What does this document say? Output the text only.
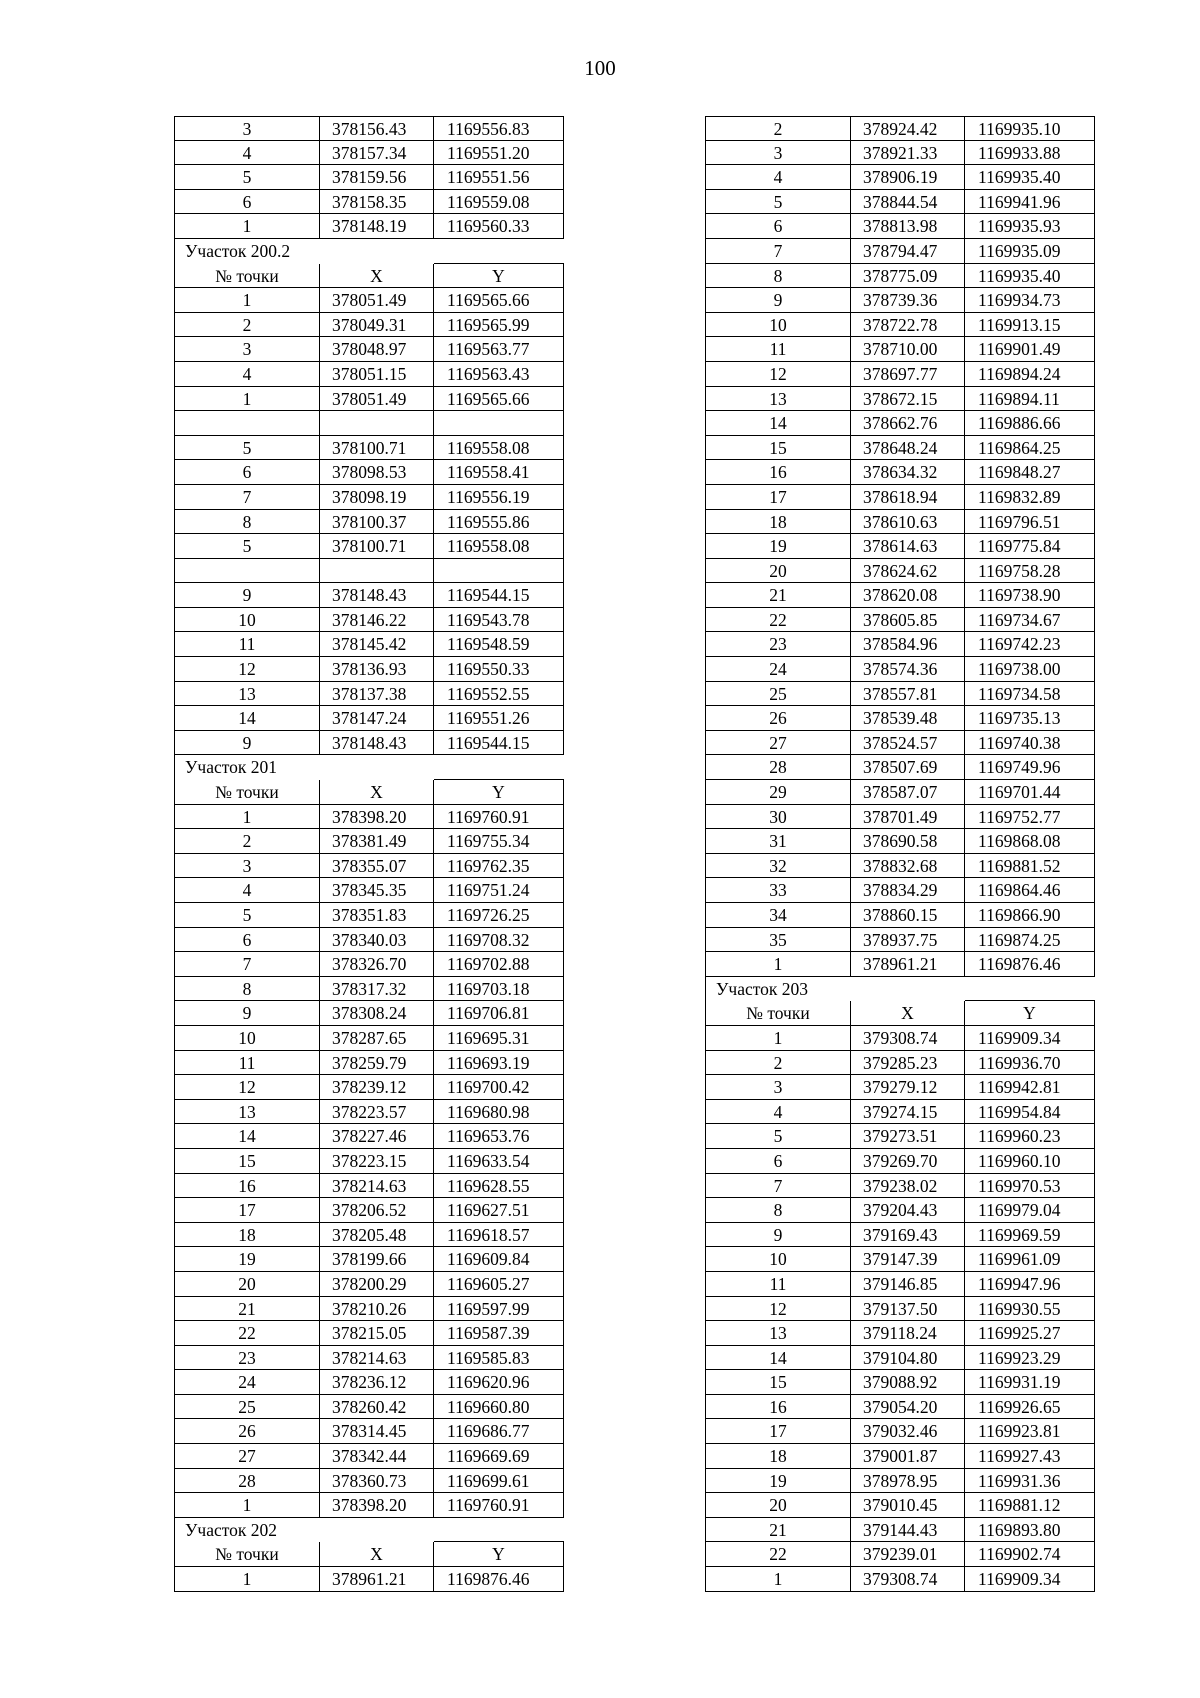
100
3	378156.43	1169556.83
4	378157.34	1169551.20
5	378159.56	1169551.56
6	378158.35	1169559.08
1	378148.19	1169560.33
Участок 200.2
№ точки	X	Y
1	378051.49	1169565.66
2	378049.31	1169565.99
3	378048.97	1169563.77
4	378051.15	1169563.43
1	378051.49	1169565.66
5	378100.71	1169558.08
6	378098.53	1169558.41
7	378098.19	1169556.19
8	378100.37	1169555.86
5	378100.71	1169558.08
9	378148.43	1169544.15
10	378146.22	1169543.78
11	378145.42	1169548.59
12	378136.93	1169550.33
13	378137.38	1169552.55
14	378147.24	1169551.26
9	378148.43	1169544.15
Участок 201
№ точки	X	Y
1	378398.20	1169760.91
2	378381.49	1169755.34
3	378355.07	1169762.35
4	378345.35	1169751.24
5	378351.83	1169726.25
6	378340.03	1169708.32
7	378326.70	1169702.88
8	378317.32	1169703.18
9	378308.24	1169706.81
10	378287.65	1169695.31
11	378259.79	1169693.19
12	378239.12	1169700.42
13	378223.57	1169680.98
14	378227.46	1169653.76
15	378223.15	1169633.54
16	378214.63	1169628.55
17	378206.52	1169627.51
18	378205.48	1169618.57
19	378199.66	1169609.84
20	378200.29	1169605.27
21	378210.26	1169597.99
22	378215.05	1169587.39
23	378214.63	1169585.83
24	378236.12	1169620.96
25	378260.42	1169660.80
26	378314.45	1169686.77
27	378342.44	1169669.69
28	378360.73	1169699.61
1	378398.20	1169760.91
Участок 202
№ точки	X	Y
1	378961.21	1169876.46
2	378924.42	1169935.10
3	378921.33	1169933.88
4	378906.19	1169935.40
5	378844.54	1169941.96
6	378813.98	1169935.93
7	378794.47	1169935.09
8	378775.09	1169935.40
9	378739.36	1169934.73
10	378722.78	1169913.15
11	378710.00	1169901.49
12	378697.77	1169894.24
13	378672.15	1169894.11
14	378662.76	1169886.66
15	378648.24	1169864.25
16	378634.32	1169848.27
17	378618.94	1169832.89
18	378610.63	1169796.51
19	378614.63	1169775.84
20	378624.62	1169758.28
21	378620.08	1169738.90
22	378605.85	1169734.67
23	378584.96	1169742.23
24	378574.36	1169738.00
25	378557.81	1169734.58
26	378539.48	1169735.13
27	378524.57	1169740.38
28	378507.69	1169749.96
29	378587.07	1169701.44
30	378701.49	1169752.77
31	378690.58	1169868.08
32	378832.68	1169881.52
33	378834.29	1169864.46
34	378860.15	1169866.90
35	378937.75	1169874.25
1	378961.21	1169876.46
Участок 203
№ точки	X	Y
1	379308.74	1169909.34
2	379285.23	1169936.70
3	379279.12	1169942.81
4	379274.15	1169954.84
5	379273.51	1169960.23
6	379269.70	1169960.10
7	379238.02	1169970.53
8	379204.43	1169979.04
9	379169.43	1169969.59
10	379147.39	1169961.09
11	379146.85	1169947.96
12	379137.50	1169930.55
13	379118.24	1169925.27
14	379104.80	1169923.29
15	379088.92	1169931.19
16	379054.20	1169926.65
17	379032.46	1169923.81
18	379001.87	1169927.43
19	378978.95	1169931.36
20	379010.45	1169881.12
21	379144.43	1169893.80
22	379239.01	1169902.74
1	379308.74	1169909.34
